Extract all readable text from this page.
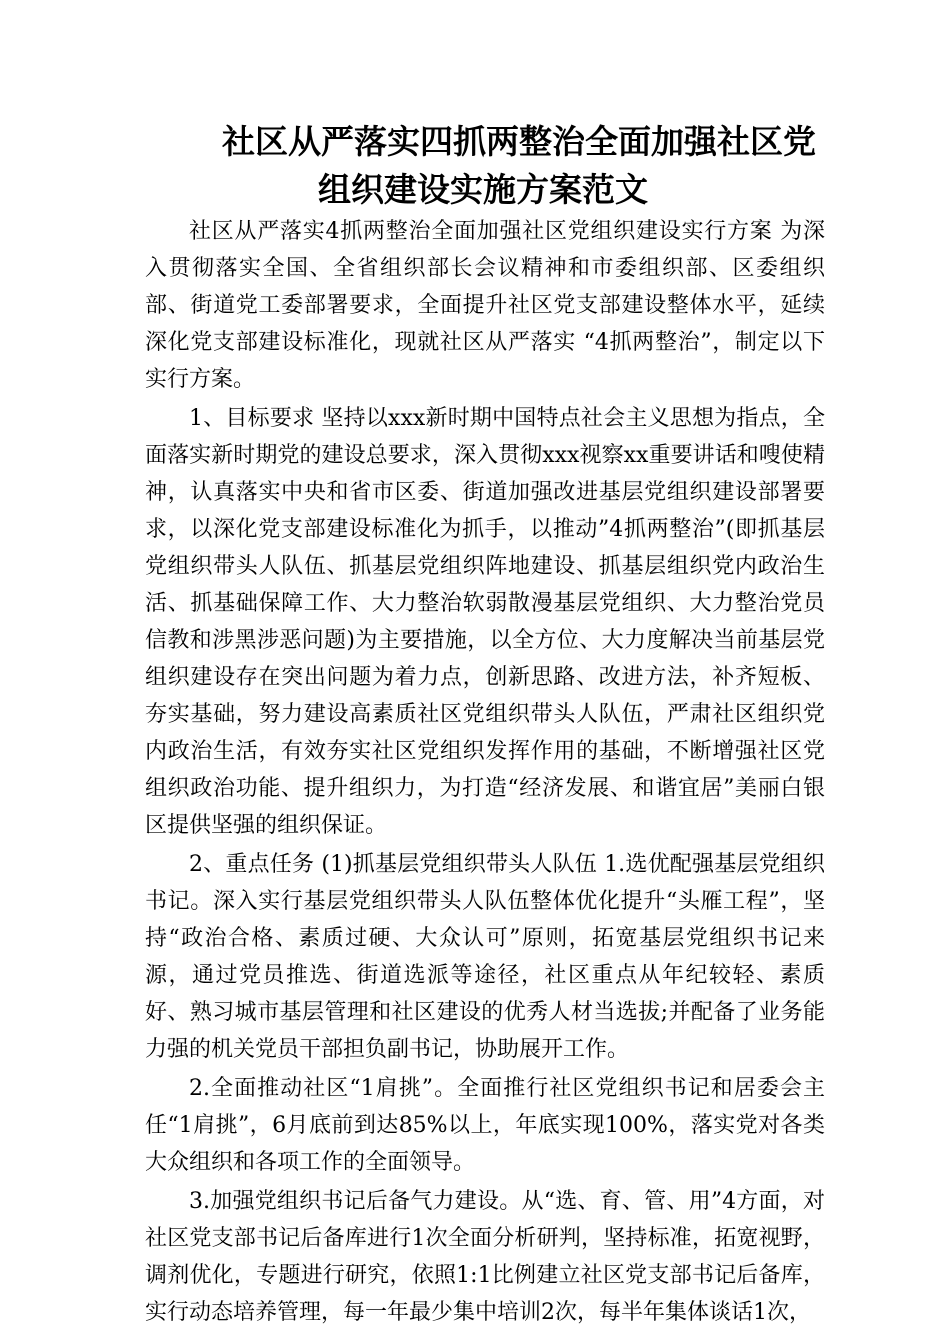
社区从严落实四抓两整治全面加强社区党
组织建设实施方案范文

社区从严落实4抓两整治全面加强社区党组织建设实行方案 为深入贯彻落实全国、全省组织部长会议精神和市委组织部、区委组织部、街道党工委部署要求，全面提升社区党支部建设整体水平，延续深化党支部建设标准化，现就社区从严落实 “4抓两整治”，制定以下实行方案。

1、目标要求 坚持以xxx新时期中国特点社会主义思想为指点，全面落实新时期党的建设总要求，深入贯彻xxx视察xx重要讲话和嗖使精神，认真落实中央和省市区委、街道加强改进基层党组织建设部署要求，以深化党支部建设标准化为抓手，以推动”4抓两整治”(即抓基层党组织带头人队伍、抓基层党组织阵地建设、抓基层组织党内政治生活、抓基础保障工作、大力整治软弱散漫基层党组织、大力整治党员信教和涉黑涉恶问题)为主要措施，以全方位、大力度解决当前基层党组织建设存在突出问题为着力点，创新思路、改进方法，补齐短板、夯实基础，努力建设高素质社区党组织带头人队伍，严肃社区组织党内政治生活，有效夯实社区党组织发挥作用的基础，不断增强社区党组织政治功能、提升组织力，为打造“经济发展、和谐宜居”美丽白银区提供坚强的组织保证。

2、重点任务 (1)抓基层党组织带头人队伍 1.选优配强基层党组织书记。深入实行基层党组织带头人队伍整体优化提升“头雁工程”，坚持“政治合格、素质过硬、大众认可”原则，拓宽基层党组织书记来源，通过党员推选、街道选派等途径，社区重点从年纪较轻、素质好、熟习城市基层管理和社区建设的优秀人材当选拔;并配备了业务能力强的机关党员干部担负副书记，协助展开工作。

2.全面推动社区“1肩挑”。全面推行社区党组织书记和居委会主任“1肩挑”，6月底前到达85%以上，年底实现100%，落实党对各类大众组织和各项工作的全面领导。

3.加强党组织书记后备气力建设。从“选、育、管、用”4方面，对社区党支部书记后备库进行1次全面分析研判，坚持标准，拓宽视野，调剂优化，专题进行研究，依照1:1比例建立社区党支部书记后备库，实行动态培养管理，每一年最少集中培训2次，每半年集体谈话1次，
